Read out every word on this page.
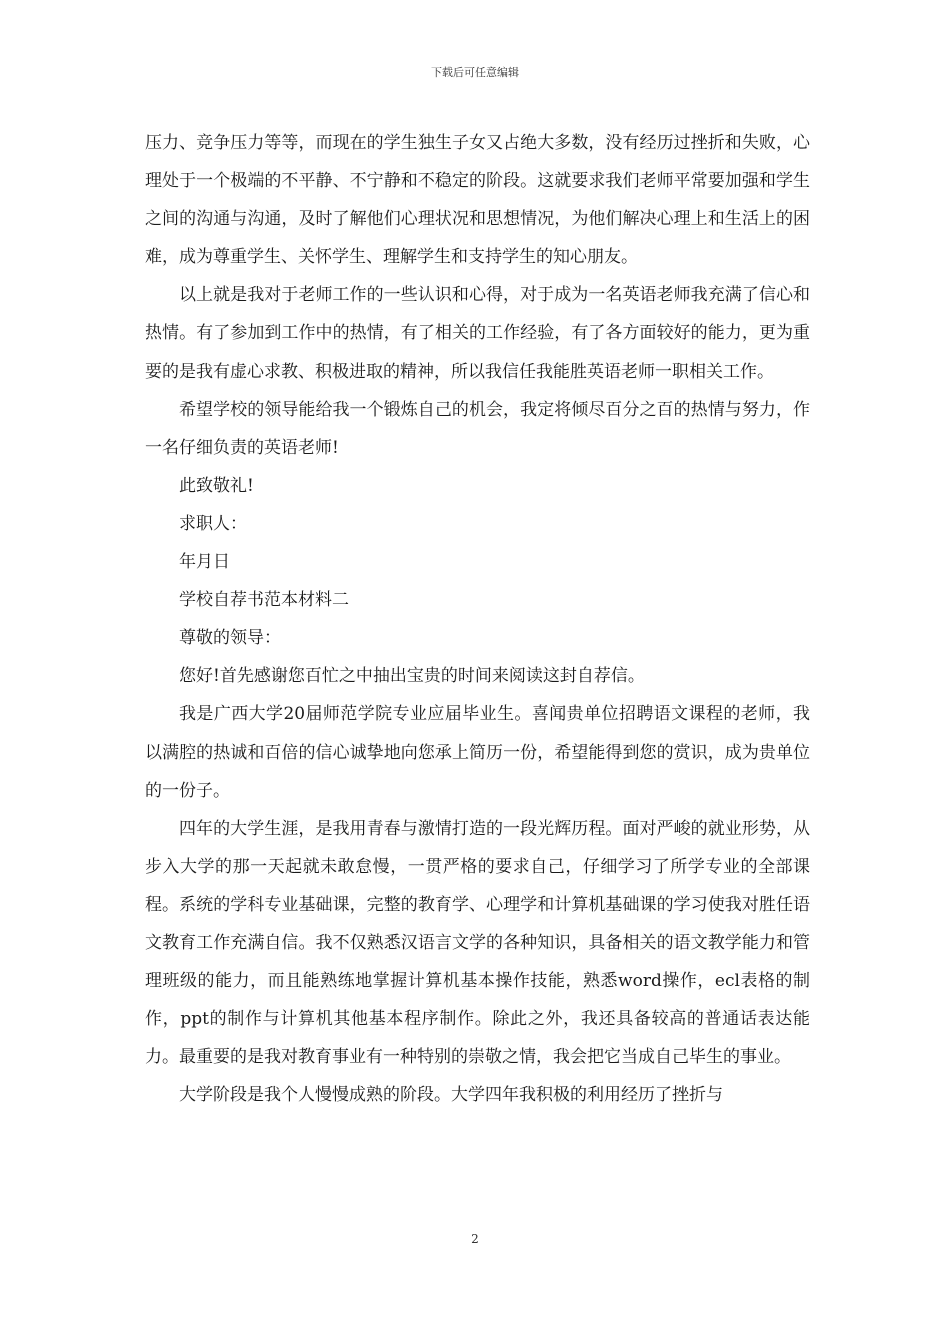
下载后可任意编辑

压力、竞争压力等等，而现在的学生独生子女又占绝大多数，没有经历过挫折和失败，心理处于一个极端的不平静、不宁静和不稳定的阶段。这就要求我们老师平常要加强和学生之间的沟通与沟通，及时了解他们心理状况和思想情况，为他们解决心理上和生活上的困难，成为尊重学生、关怀学生、理解学生和支持学生的知心朋友。

以上就是我对于老师工作的一些认识和心得，对于成为一名英语老师我充满了信心和热情。有了参加到工作中的热情，有了相关的工作经验，有了各方面较好的能力，更为重要的是我有虚心求教、积极进取的精神，所以我信任我能胜英语老师一职相关工作。

希望学校的领导能给我一个锻炼自己的机会，我定将倾尽百分之百的热情与努力，作一名仔细负责的英语老师!

此致敬礼!

求职人：

年月日

学校自荐书范本材料二

尊敬的领导：

您好!首先感谢您百忙之中抽出宝贵的时间来阅读这封自荐信。

我是广西大学20届师范学院专业应届毕业生。喜闻贵单位招聘语文课程的老师，我以满腔的热诚和百倍的信心诚挚地向您承上简历一份，希望能得到您的赏识，成为贵单位的一份子。

四年的大学生涯，是我用青春与激情打造的一段光辉历程。面对严峻的就业形势，从步入大学的那一天起就未敢怠慢，一贯严格的要求自己，仔细学习了所学专业的全部课程。系统的学科专业基础课，完整的教育学、心理学和计算机基础课的学习使我对胜任语文教育工作充满自信。我不仅熟悉汉语言文学的各种知识，具备相关的语文教学能力和管理班级的能力，而且能熟练地掌握计算机基本操作技能，熟悉word操作，ecl表格的制作，ppt的制作与计算机其他基本程序制作。除此之外，我还具备较高的普通话表达能力。最重要的是我对教育事业有一种特别的崇敬之情，我会把它当成自己毕生的事业。

大学阶段是我个人慢慢成熟的阶段。大学四年我积极的利用经历了挫折与

2
